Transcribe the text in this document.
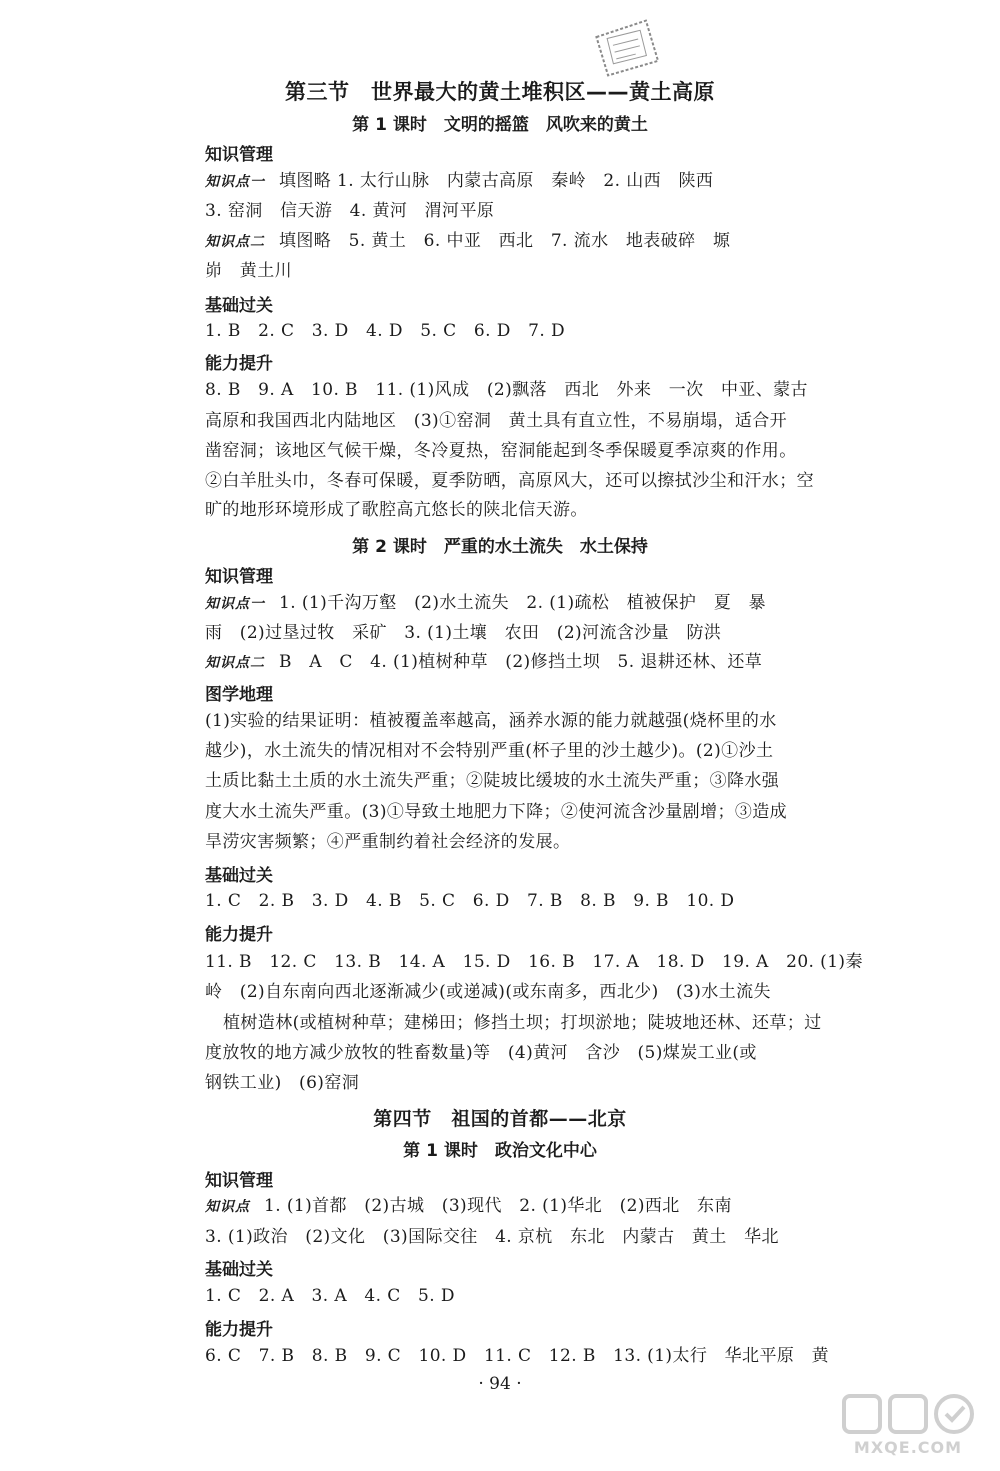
第三节　世界最大的黄土堆积区——黄土高原
第 1 课时　文明的摇篮　风吹来的黄土
知识管理
知识点一 填图略 1. 太行山脉　内蒙古高原　秦岭　2. 山西　陕西
3. 窑洞　信天游　4. 黄河　渭河平原
知识点二 填图略　5. 黄土　6. 中亚　西北　7. 流水　地表破碎　塬
峁　黄土川
基础过关
1. B　2. C　3. D　4. D　5. C　6. D　7. D
能力提升
8. B　9. A　10. B　11. (1)风成　(2)飘落　西北　外来　一次　中亚、蒙古
高原和我国西北内陆地区　(3)①窑洞　黄土具有直立性，不易崩塌，适合开
凿窑洞；该地区气候干燥，冬冷夏热，窑洞能起到冬季保暖夏季凉爽的作用。
②白羊肚头巾，冬春可保暖，夏季防晒，高原风大，还可以擦拭沙尘和汗水；空
旷的地形环境形成了歌腔高亢悠长的陕北信天游。
第 2 课时　严重的水土流失　水土保持
知识管理
知识点一 1. (1)千沟万壑　(2)水土流失　2. (1)疏松　植被保护　夏　暴
雨　(2)过垦过牧　采矿　3. (1)土壤　农田　(2)河流含沙量　防洪
知识点二 B　A　C　4. (1)植树种草　(2)修挡土坝　5. 退耕还林、还草
图学地理
(1)实验的结果证明：植被覆盖率越高，涵养水源的能力就越强(烧杯里的水
越少)，水土流失的情况相对不会特别严重(杯子里的沙土越少)。(2)①沙土
土质比黏土土质的水土流失严重；②陡坡比缓坡的水土流失严重；③降水强
度大水土流失严重。(3)①导致土地肥力下降；②使河流含沙量剧增；③造成
旱涝灾害频繁；④严重制约着社会经济的发展。
基础过关
1. C　2. B　3. D　4. B　5. C　6. D　7. B　8. B　9. B　10. D
能力提升
11. B　12. C　13. B　14. A　15. D　16. B　17. A　18. D　19. A　20. (1)秦
岭　(2)自东南向西北逐渐减少(或递减)(或东南多，西北少)　(3)水土流失
植树造林(或植树种草；建梯田；修挡土坝；打坝淤地；陡坡地还林、还草；过
度放牧的地方减少放牧的牲畜数量)等　(4)黄河　含沙　(5)煤炭工业(或
钢铁工业)　(6)窑洞
第四节　祖国的首都——北京
第 1 课时　政治文化中心
知识管理
知识点 1. (1)首都　(2)古城　(3)现代　2. (1)华北　(2)西北　东南
3. (1)政治　(2)文化　(3)国际交往　4. 京杭　东北　内蒙古　黄土　华北
基础过关
1. C　2. A　3. A　4. C　5. D
能力提升
6. C　7. B　8. B　9. C　10. D　11. C　12. B　13. (1)太行　华北平原　黄
· 94 ·
MXQE.COM
